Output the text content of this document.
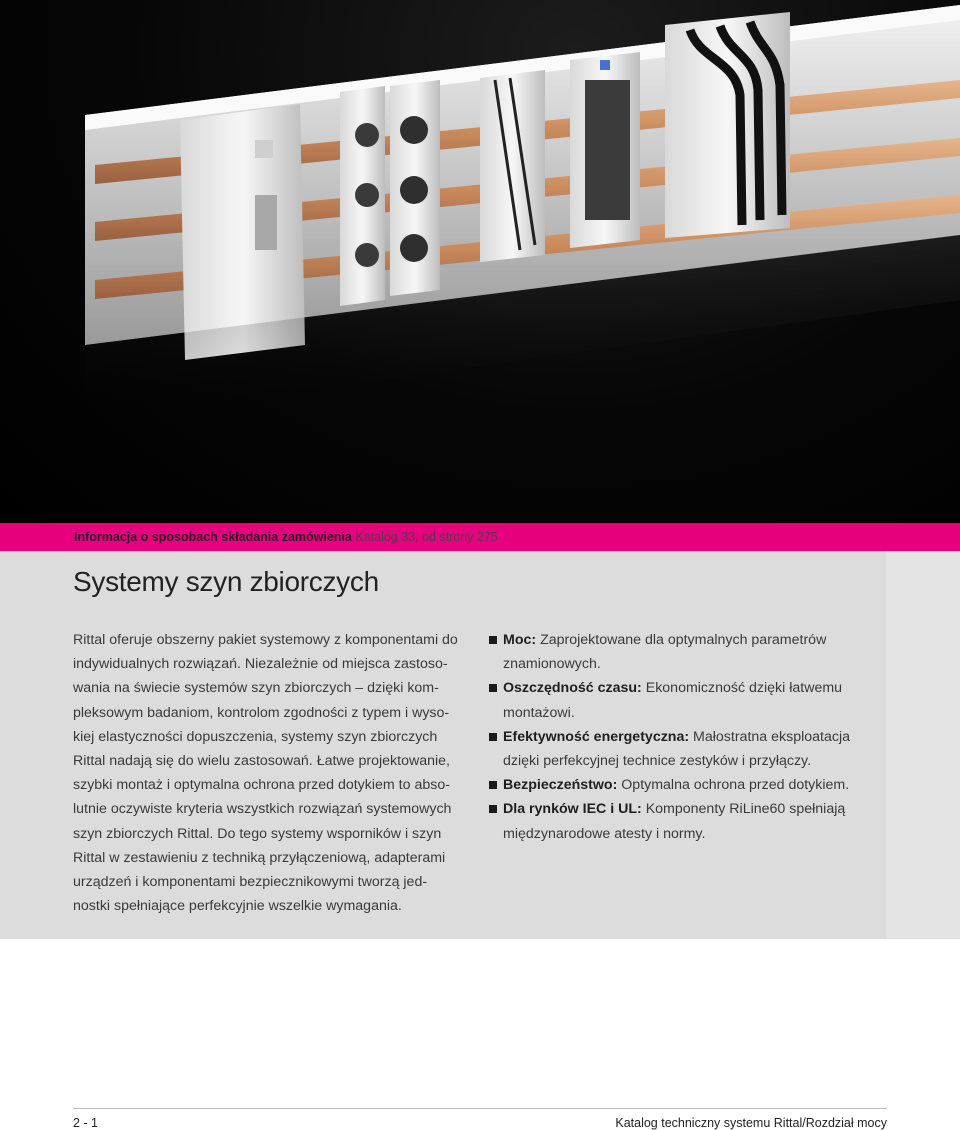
Informacja o sposobach składania zamówienia Katalog 33, od strony 275
Systemy szyn zbiorczych
Rittal oferuje obszerny pakiet systemowy z komponentami do
indywidualnych rozwiązań. Niezależnie od miejsca zastoso-
wania na świecie systemów szyn zbiorczych – dzięki kom-
pleksowym badaniom, kontrolom zgodności z typem i wyso-
kiej elastyczności dopuszczenia, systemy szyn zbiorczych
Rittal nadają się do wielu zastosowań. Łatwe projektowanie,
szybki montaż i optymalna ochrona przed dotykiem to abso-
lutnie oczywiste kryteria wszystkich rozwiązań systemowych
szyn zbiorczych Rittal. Do tego systemy wsporników i szyn
Rittal w zestawieniu z techniką przyłączeniową, adapterami
urządzeń i komponentami bezpiecznikowymi tworzą jed-
nostki spełniające perfekcyjnie wszelkie wymagania.
Moc: Zaprojektowane dla optymalnych parametrów
znamionowych.
Oszczędność czasu: Ekonomiczność dzięki łatwemu
montażowi.
Efektywność energetyczna: Małostratna eksploatacja
dzięki perfekcyjnej technice zestyków i przyłączy.
Bezpieczeństwo: Optymalna ochrona przed dotykiem.
Dla rynków IEC i UL: Komponenty RiLine60 spełniają
międzynarodowe atesty i normy.
2 - 1	Katalog techniczny systemu Rittal/Rozdział mocy
